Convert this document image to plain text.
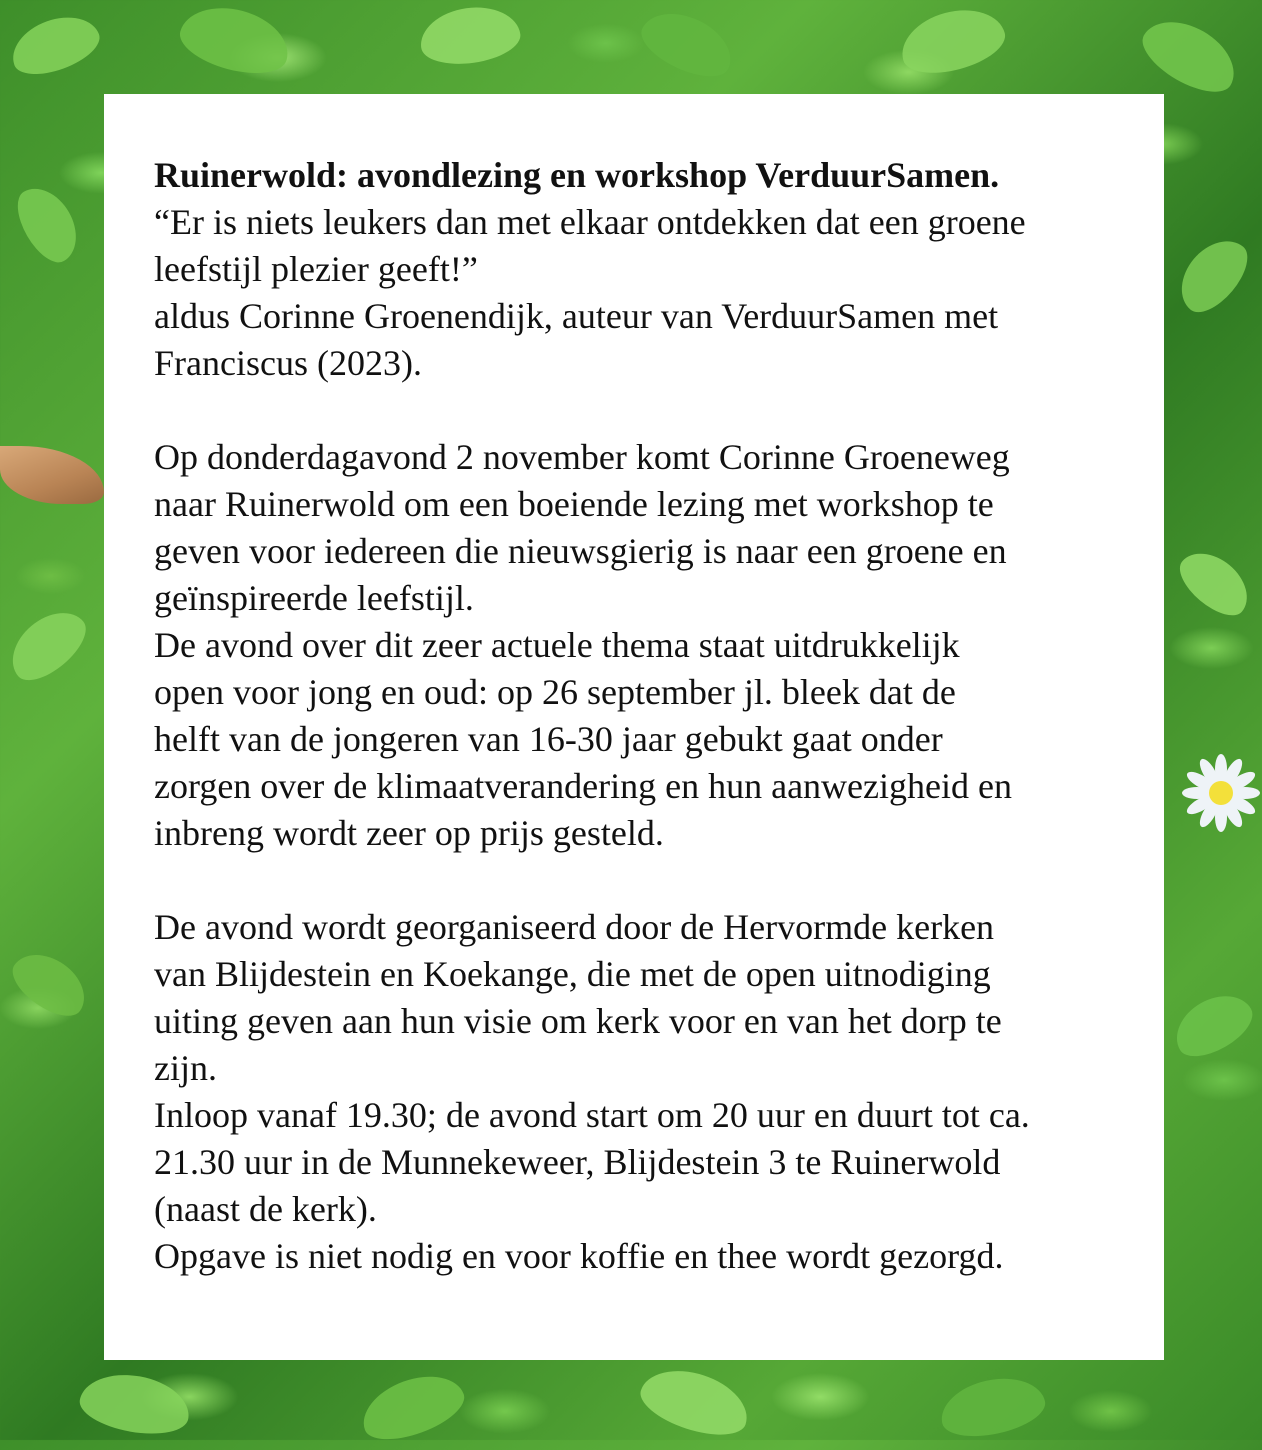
Ruinerwold: avondlezing en workshop VerduurSamen.

“Er is niets leukers dan met elkaar ontdekken dat een groene

leefstijl plezier geeft!”

aldus Corinne Groenendijk, auteur van VerduurSamen met

Franciscus (2023).

Op donderdagavond 2 november komt Corinne Groeneweg

naar Ruinerwold om een boeiende lezing met workshop te

geven voor iedereen die nieuwsgierig is naar een groene en

geïnspireerde leefstijl.

De avond over dit zeer actuele thema staat uitdrukkelijk

open voor jong en oud: op 26 september jl. bleek dat de

helft van de jongeren van 16-30 jaar gebukt gaat onder

zorgen over de klimaatverandering en hun aanwezigheid en

inbreng wordt zeer op prijs gesteld.

De avond wordt georganiseerd door de Hervormde kerken

van Blijdestein en Koekange, die met de open uitnodiging

uiting geven aan hun visie om kerk voor en van het dorp te

zijn.

Inloop vanaf 19.30; de avond start om 20 uur en duurt tot ca.

21.30 uur in de Munnekeweer, Blijdestein 3 te Ruinerwold

(naast de kerk).

Opgave is niet nodig en voor koffie en thee wordt gezorgd.
